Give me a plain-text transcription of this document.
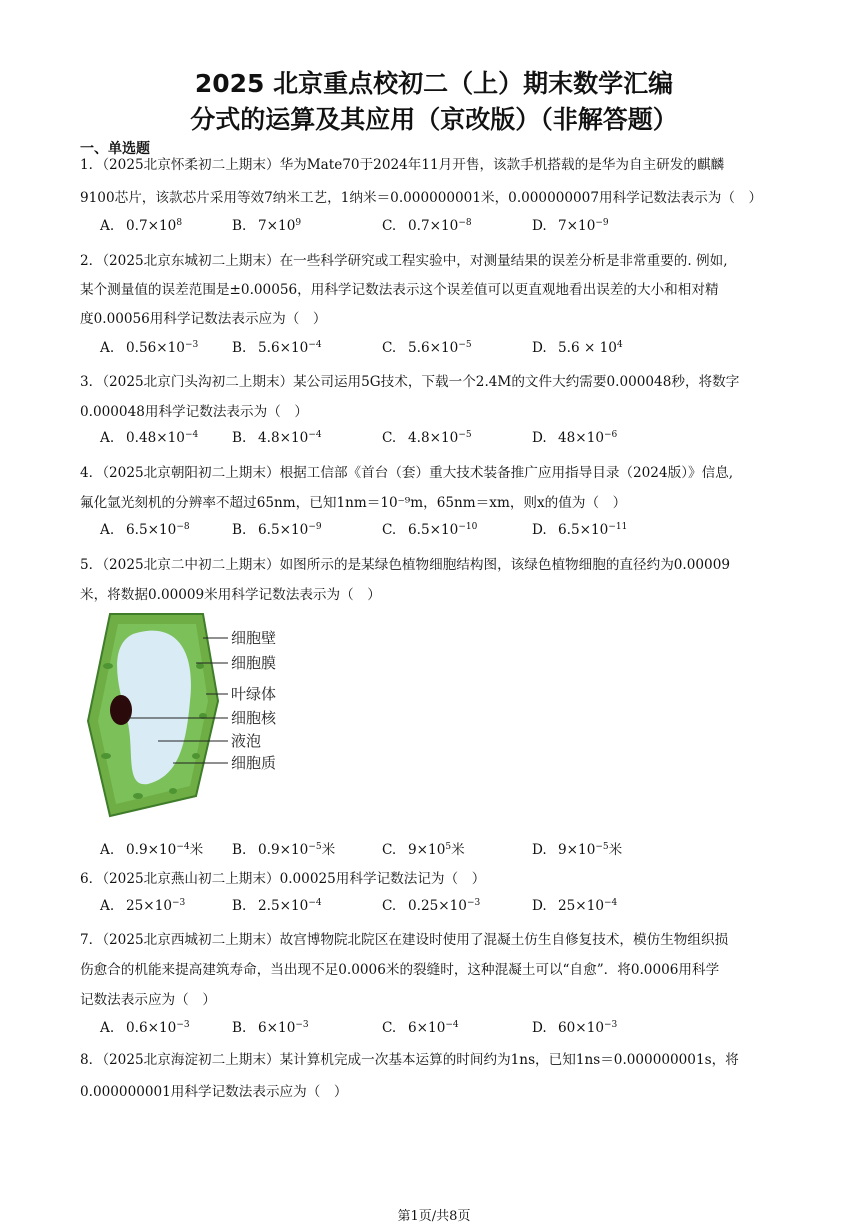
2025 北京重点校初二（上）期末数学汇编
分式的运算及其应用（京改版）（非解答题）
一、单选题
1．（2025北京怀柔初二上期末）华为Mate70于2024年11月开售，该款手机搭载的是华为自主研发的麒麟
9100芯片，该款芯片采用等效7纳米工艺，1纳米＝0.000000001米，0.000000007用科学记数法表示为（　）
A. $0.7\times 10^8$	B. $7\times 10^9$	C. $0.7\times 10^{-8}$	D. $7\times 10^{-9}$
2．（2025北京东城初二上期末）在一些科学研究或工程实验中，对测量结果的误差分析是非常重要的. 例如,
某个测量值的误差范围是±0.00056，用科学记数法表示这个误差值可以更直观地看出误差的大小和相对精
度0.00056用科学记数法表示应为（　）
A. $0.56\times 10^{-3}$ B. $5.6\times 10^{-4}$	C. $5.6\times 10^{-5}$	D. $5.6 \times 10^4$
3．（2025北京门头沟初二上期末）某公司运用5G技术，下载一个2.4M的文件大约需要0.000048秒，将数字
0.000048用科学记数法表示为（　）
A. $0.48\times 10^{-4}$ B. $4.8\times 10^{-4}$	C. $4.8\times 10^{-5}$	D. $48\times 10^{-6}$
4．（2025北京朝阳初二上期末）根据工信部《首台（套）重大技术装备推广应用指导目录（2024版）》信息,
氟化氩光刻机的分辨率不超过65nm，已知1nm＝10⁻⁹m，65nm＝xm，则x的值为（　）
A. $6.5\times 10^{-8}$	B. $6.5\times 10^{-9}$	C. $6.5\times 10^{-10}$	D. $6.5\times 10^{-11}$
5．（2025北京二中初二上期末）如图所示的是某绿色植物细胞结构图，该绿色植物细胞的直径约为0.00009
米，将数据0.00009米用科学记数法表示为（　）
A. $0.9\times 10^{-4}$米 B. $0.9\times 10^{-5}$米	C. $9\times 10^5$米	D. $9\times 10^{-5}$米
6．（2025北京燕山初二上期末）0.00025用科学记数法记为（　）
A. $25\times 10^{-3}$	B. $2.5\times 10^{-4}$	C. $0.25\times 10^{-3}$	D. $25\times 10^{-4}$
7．（2025北京西城初二上期末）故宫博物院北院区在建设时使用了混凝土仿生自修复技术，模仿生物组织损
伤愈合的机能来提高建筑寿命，当出现不足0.0006米的裂缝时，这种混凝土可以“自愈”．将0.0006用科学
记数法表示应为（　）
A. $0.6\times 10^{-3}$	B. $6\times 10^{-3}$	C. $6\times 10^{-4}$	D. $60\times 10^{-3}$
8．（2025北京海淀初二上期末）某计算机完成一次基本运算的时间约为1ns，已知1ns＝0.000000001s，将
0.000000001用科学记数法表示应为（　）
细胞壁
细胞膜
叶绿体
细胞核
液泡
细胞质
第1页/共8页
